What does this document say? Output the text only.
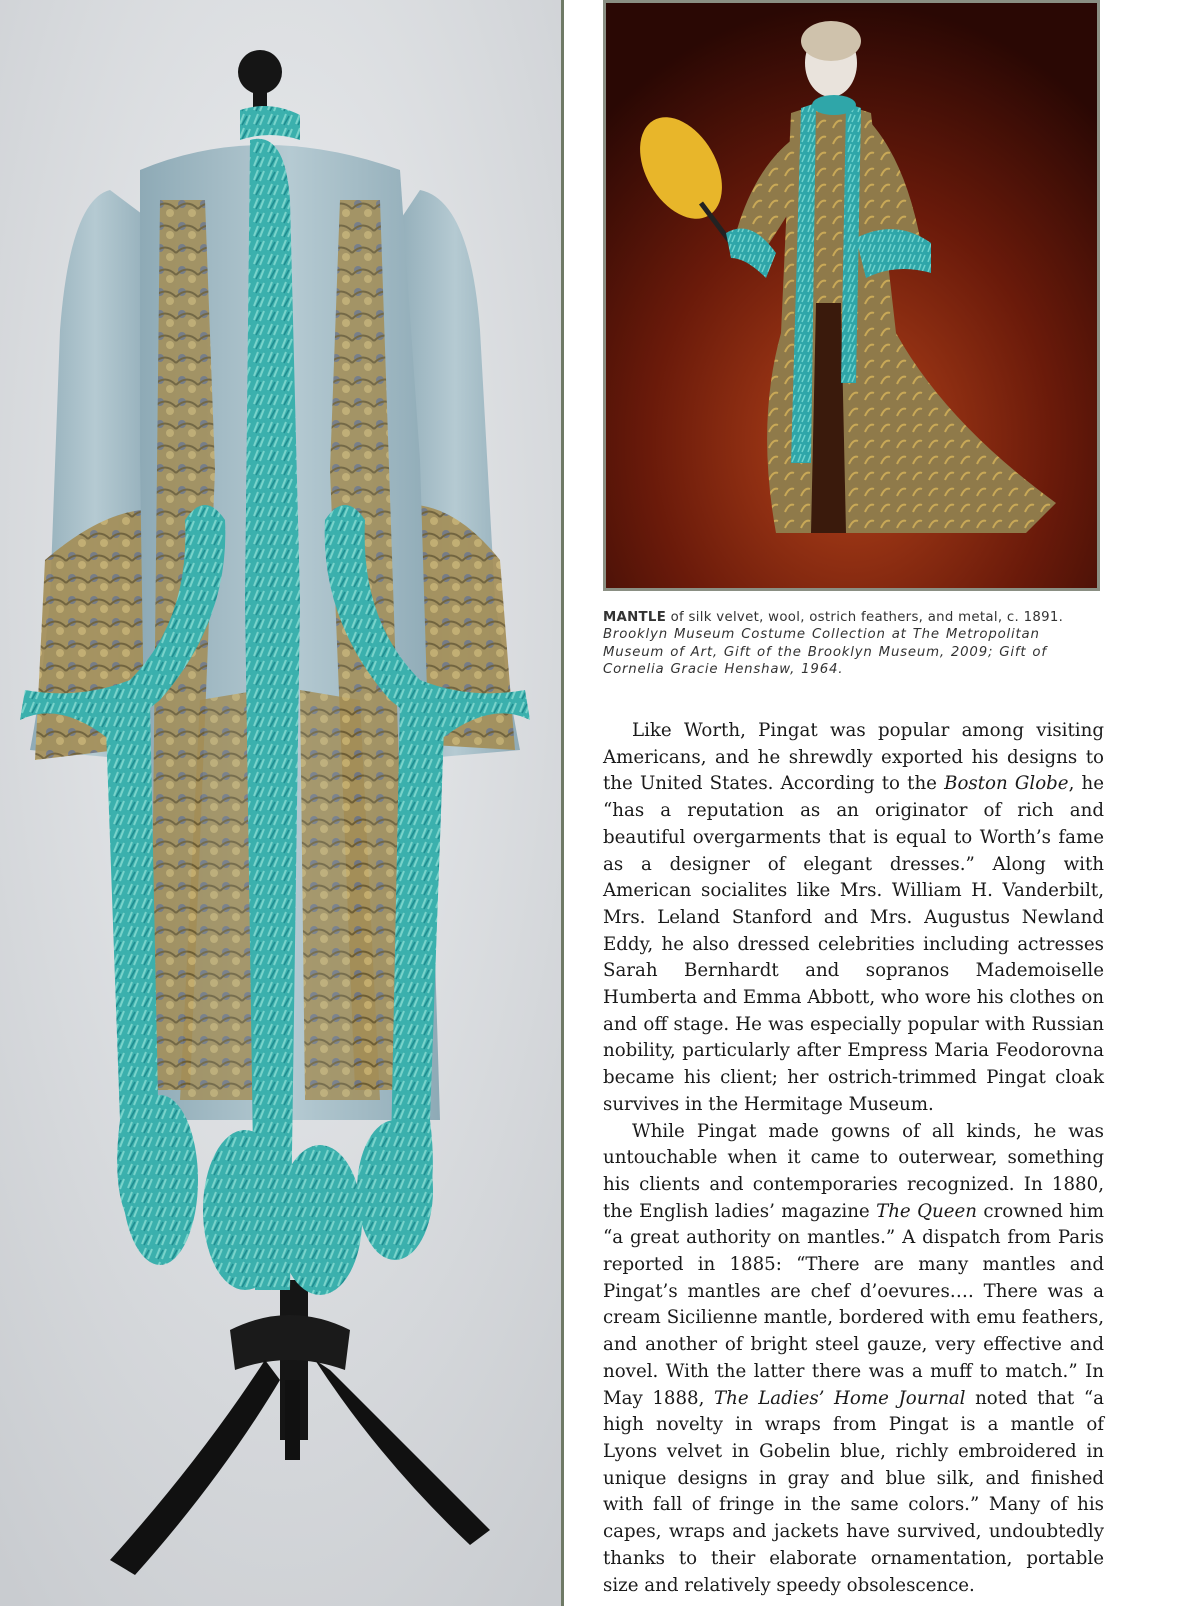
MANTLE of silk velvet, wool, ostrich feathers, and metal, c. 1891. Brooklyn Museum Costume Collection at The Metropolitan Museum of Art, Gift of the Brooklyn Museum, 2009; Gift of Cornelia Gracie Henshaw, 1964.

Like Worth, Pingat was popular among visiting Americans, and he shrewdly exported his designs to the United States. According to the Boston Globe, he “has a reputation as an originator of rich and beautiful overgarments that is equal to Worth’s fame as a designer of elegant dresses.” Along with American socialites like Mrs. William H. Vanderbilt, Mrs. Leland Stanford and Mrs. Augustus Newland Eddy, he also dressed celebrities including actresses Sarah Bernhardt and sopranos Mademoiselle Humberta and Emma Abbott, who wore his clothes on and off stage. He was especially popular with Russian nobility, particularly after Empress Maria Feodorovna became his client; her ostrich-trimmed Pingat cloak survives in the Hermitage Museum.

While Pingat made gowns of all kinds, he was untouchable when it came to outerwear, something his clients and contemporaries recognized. In 1880, the English ladies’ magazine The Queen crowned him “a great authority on mantles.” A dispatch from Paris reported in 1885: “There are many mantles and Pingat’s mantles are chef d’oevures…. There was a cream Sicilienne mantle, bordered with emu feathers, and another of bright steel gauze, very effective and novel. With the latter there was a muff to match.” In May 1888, The Ladies’ Home Journal noted that “a high novelty in wraps from Pingat is a mantle of Lyons velvet in Gobelin blue, richly embroidered in unique designs in gray and blue silk, and finished with fall of fringe in the same colors.” Many of his capes, wraps and jackets have survived, undoubtedly thanks to their elaborate ornamentation, portable size and relatively speedy obsolescence.
